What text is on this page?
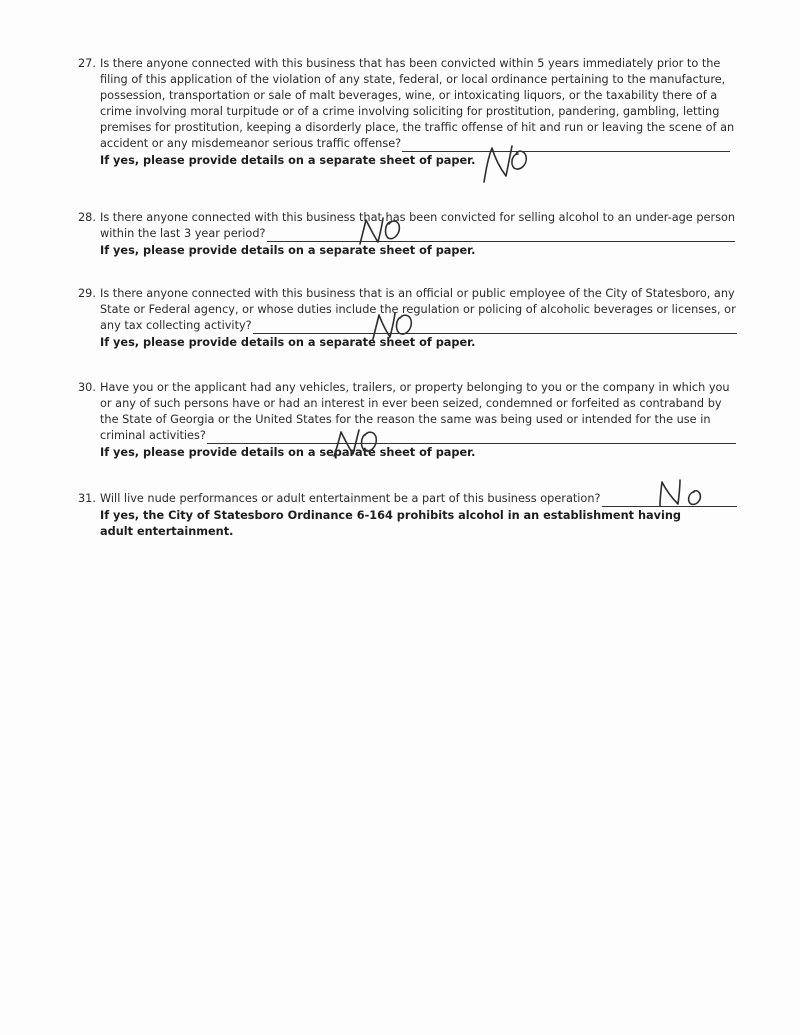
27. Is there anyone connected with this business that has been convicted within 5 years immediately prior to the
filing of this application of the violation of any state, federal, or local ordinance pertaining to the manufacture,
possession, transportation or sale of malt beverages, wine, or intoxicating liquors, or the taxability there of a
crime involving moral turpitude or of a crime involving soliciting for prostitution, pandering, gambling, letting
premises for prostitution, keeping a disorderly place, the traffic offense of hit and run or leaving the scene of an
accident or any misdemeanor serious traffic offense?
If yes, please provide details on a separate sheet of paper.
28. Is there anyone connected with this business that has been convicted for selling alcohol to an under-age person
within the last 3 year period?
If yes, please provide details on a separate sheet of paper.
29. Is there anyone connected with this business that is an official or public employee of the City of Statesboro, any
State or Federal agency, or whose duties include the regulation or policing of alcoholic beverages or licenses, or
any tax collecting activity?
If yes, please provide details on a separate sheet of paper.
30. Have you or the applicant had any vehicles, trailers, or property belonging to you or the company in which you
or any of such persons have or had an interest in ever been seized, condemned or forfeited as contraband by
the State of Georgia or the United States for the reason the same was being used or intended for the use in
criminal activities?
If yes, please provide details on a separate sheet of paper.
31. Will live nude performances or adult entertainment be a part of this business operation?
If yes, the City of Statesboro Ordinance 6-164 prohibits alcohol in an establishment having adult entertainment.
